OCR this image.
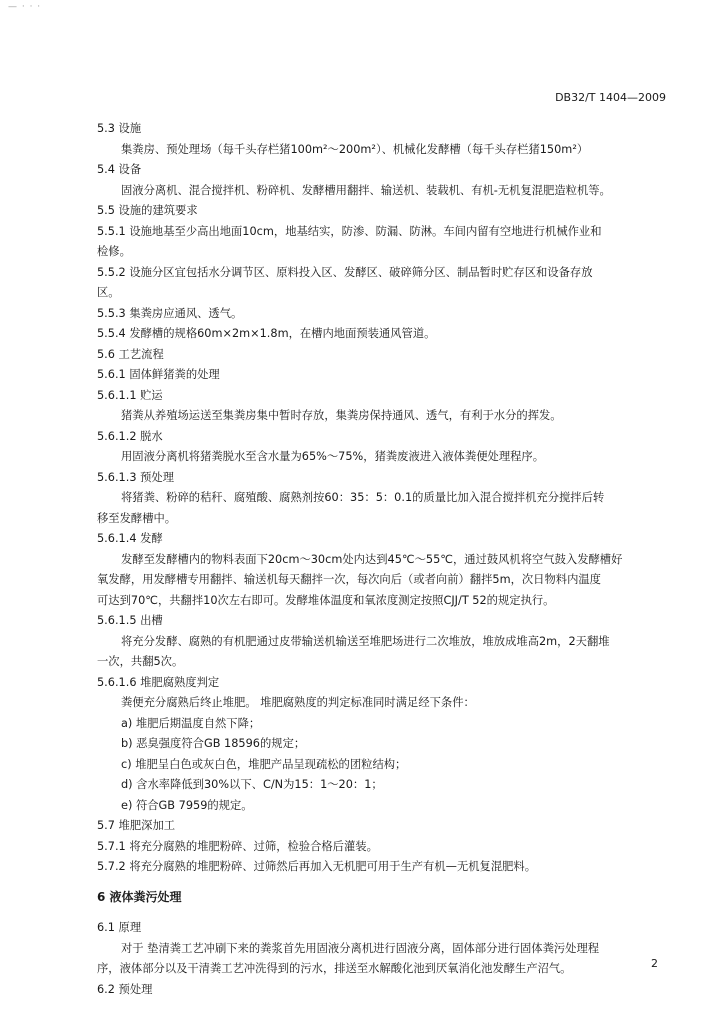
— · · ·
DB32/T 1404—2009
5.3 设施
集粪房、预处理场（每千头存栏猪100m²～200m²）、机械化发酵槽（每千头存栏猪150m²）
5.4 设备
固液分离机、混合搅拌机、粉碎机、发酵槽用翻拌、输送机、装载机、有机-无机复混肥造粒机等。
5.5 设施的建筑要求
5.5.1 设施地基至少高出地面10cm，地基结实，防渗、防漏、防淋。车间内留有空地进行机械作业和
检修。
5.5.2 设施分区宜包括水分调节区、原料投入区、发酵区、破碎筛分区、制品暂时贮存区和设备存放
区。
5.5.3 集粪房应通风、透气。
5.5.4 发酵槽的规格60m×2m×1.8m，在槽内地面预装通风管道。
5.6 工艺流程
5.6.1 固体鲜猪粪的处理
5.6.1.1 贮运
猪粪从养殖场运送至集粪房集中暂时存放，集粪房保持通风、透气，有利于水分的挥发。
5.6.1.2 脱水
用固液分离机将猪粪脱水至含水量为65%～75%，猪粪废液进入液体粪便处理程序。
5.6.1.3 预处理
将猪粪、粉碎的秸秆、腐殖酸、腐熟剂按60：35：5：0.1的质量比加入混合搅拌机充分搅拌后转
移至发酵槽中。
5.6.1.4 发酵
发酵至发酵槽内的物料表面下20cm～30cm处内达到45℃～55℃，通过鼓风机将空气鼓入发酵槽好
氧发酵，用发酵槽专用翻拌、输送机每天翻拌一次，每次向后（或者向前）翻拌5m，次日物料内温度
可达到70℃，共翻拌10次左右即可。发酵堆体温度和氧浓度测定按照CJJ/T 52的规定执行。
5.6.1.5 出槽
将充分发酵、腐熟的有机肥通过皮带输送机输送至堆肥场进行二次堆放，堆放成堆高2m，2天翻堆
一次，共翻5次。
5.6.1.6 堆肥腐熟度判定
粪便充分腐熟后终止堆肥。 堆肥腐熟度的判定标准同时满足经下条件：
a) 堆肥后期温度自然下降；
b) 恶臭强度符合GB 18596的规定；
c) 堆肥呈白色或灰白色，堆肥产品呈现疏松的团粒结构；
d) 含水率降低到30%以下、C/N为15：1～20：1；
e) 符合GB 7959的规定。
5.7 堆肥深加工
5.7.1 将充分腐熟的堆肥粉碎、过筛，检验合格后灌装。
5.7.2 将充分腐熟的堆肥粉碎、过筛然后再加入无机肥可用于生产有机—无机复混肥料。
6 液体粪污处理
6.1 原理
对于 垫清粪工艺冲刷下来的粪浆首先用固液分离机进行固液分离，固体部分进行固体粪污处理程
序，液体部分以及干清粪工艺冲洗得到的污水，排送至水解酸化池到厌氧消化池发酵生产沼气。
6.2 预处理
2
